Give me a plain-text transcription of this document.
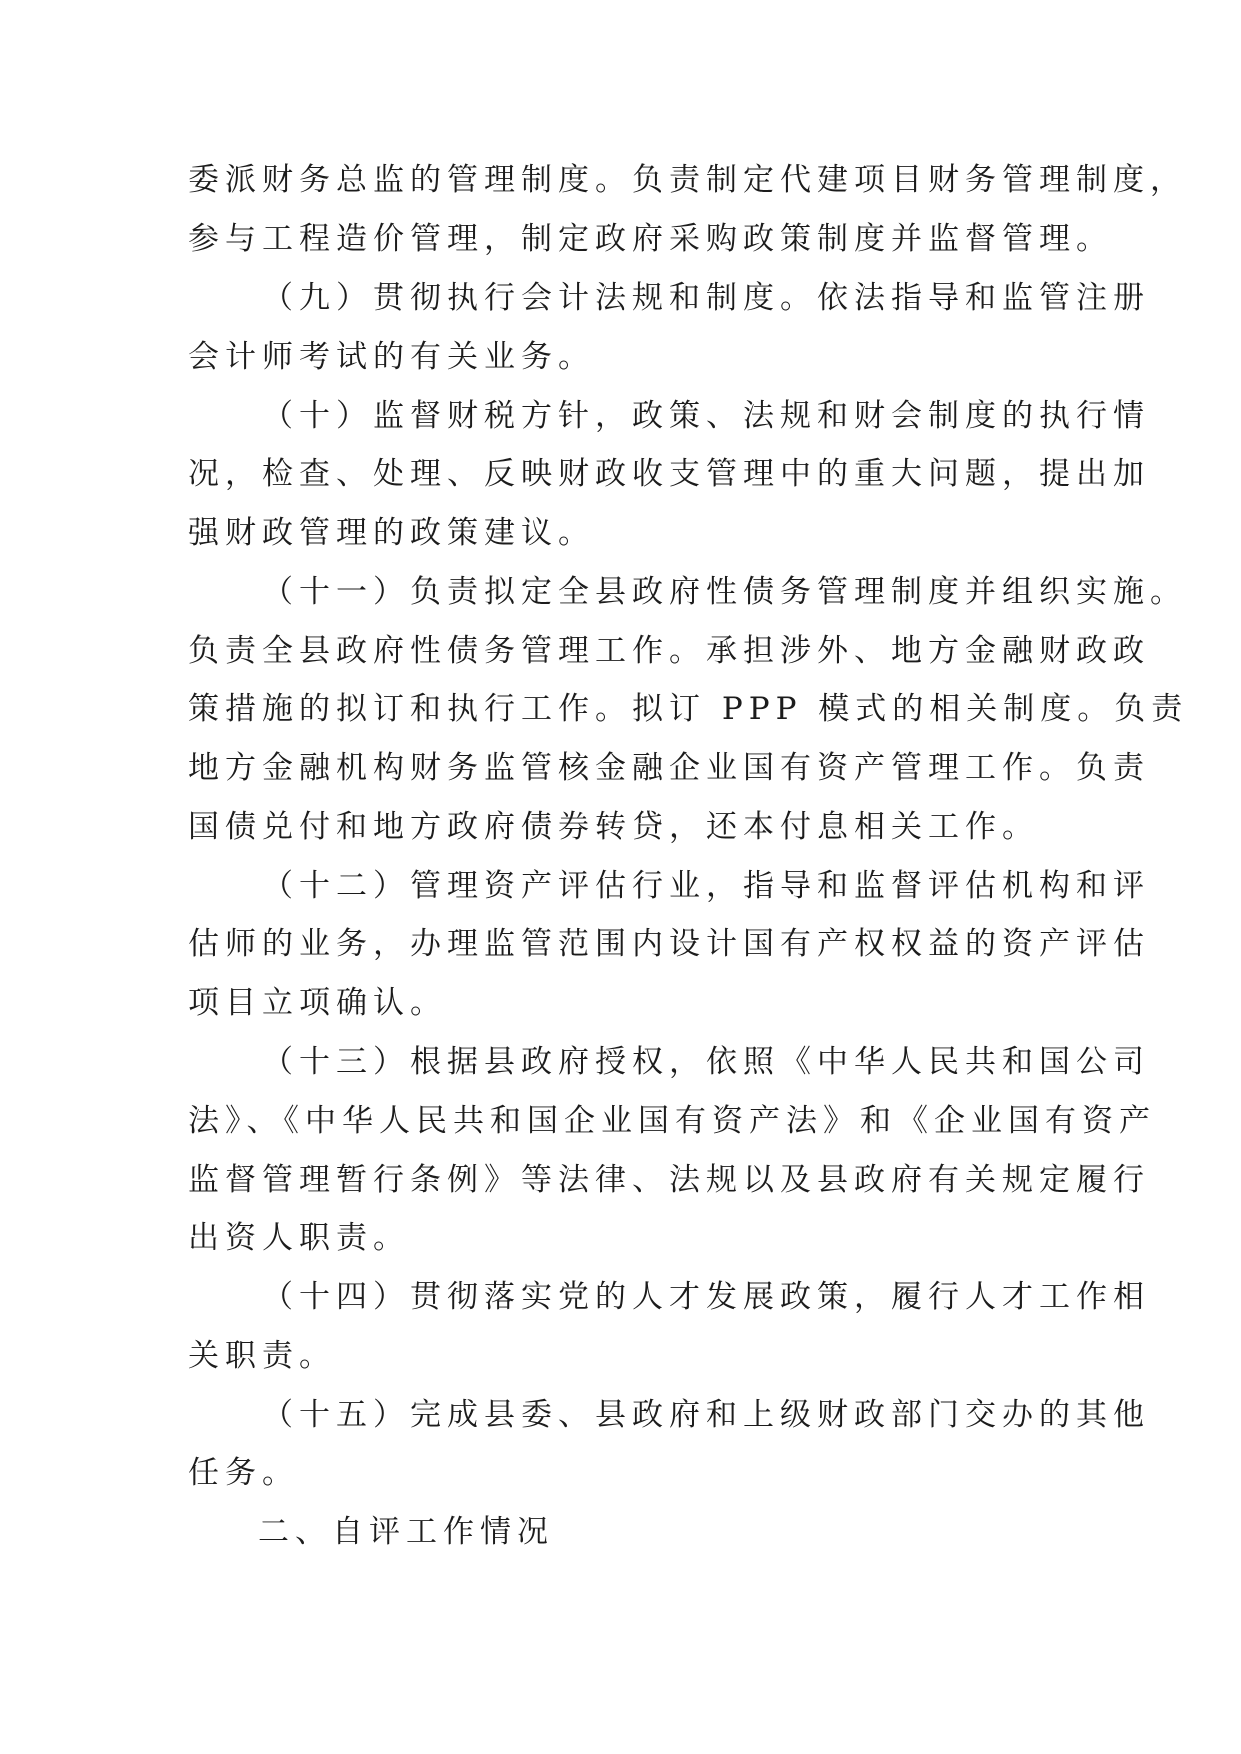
委派财务总监的管理制度。负责制定代建项目财务管理制度，
参与工程造价管理，制定政府采购政策制度并监督管理。
（九）贯彻执行会计法规和制度。依法指导和监管注册
会计师考试的有关业务。
（十）监督财税方针，政策、法规和财会制度的执行情
况，检查、处理、反映财政收支管理中的重大问题，提出加
强财政管理的政策建议。
（十一）负责拟定全县政府性债务管理制度并组织实施。
负责全县政府性债务管理工作。承担涉外、地方金融财政政
策措施的拟订和执行工作。拟订 PPP 模式的相关制度。负责
地方金融机构财务监管核金融企业国有资产管理工作。负责
国债兑付和地方政府债券转贷，还本付息相关工作。
（十二）管理资产评估行业，指导和监督评估机构和评
估师的业务，办理监管范围内设计国有产权权益的资产评估
项目立项确认。
（十三）根据县政府授权，依照《中华人民共和国公司
法》、《中华人民共和国企业国有资产法》和《企业国有资产
监督管理暂行条例》等法律、法规以及县政府有关规定履行
出资人职责。
（十四）贯彻落实党的人才发展政策，履行人才工作相
关职责。
（十五）完成县委、县政府和上级财政部门交办的其他
任务。
二、自评工作情况
